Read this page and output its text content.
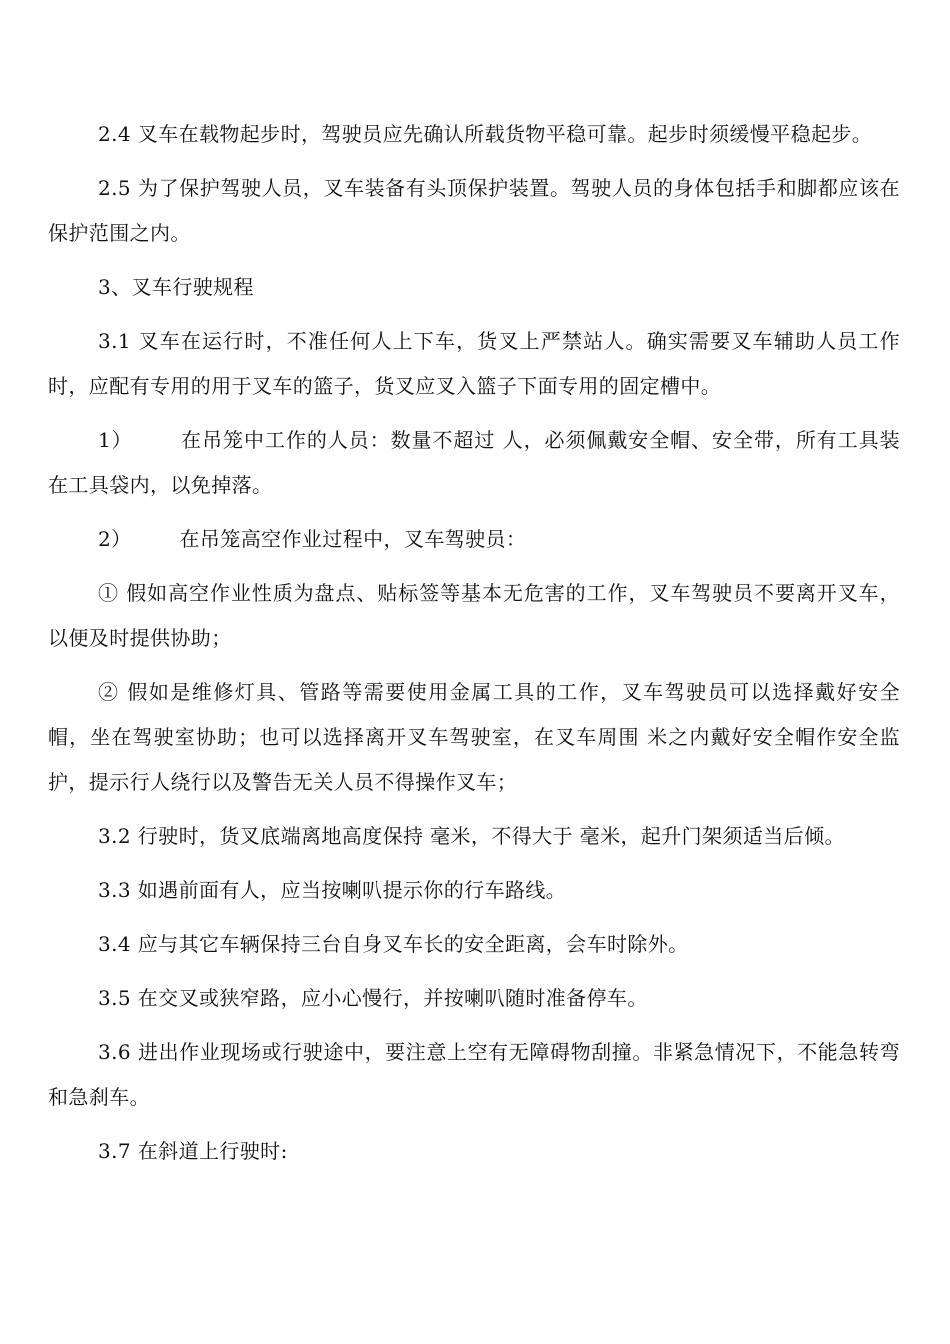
2.4 叉车在载物起步时，驾驶员应先确认所载货物平稳可靠。起步时须缓慢平稳起步。

2.5 为了保护驾驶人员，叉车装备有头顶保护装置。驾驶人员的身体包括手和脚都应该在保护范围之内。

3、叉车行驶规程

3.1 叉车在运行时，不准任何人上下车，货叉上严禁站人。确实需要叉车辅助人员工作时，应配有专用的用于叉车的篮子，货叉应叉入篮子下面专用的固定槽中。

1） 在吊笼中工作的人员：数量不超过 人，必须佩戴安全帽、安全带，所有工具装在工具袋内，以免掉落。

2） 在吊笼高空作业过程中，叉车驾驶员：

① 假如高空作业性质为盘点、贴标签等基本无危害的工作，叉车驾驶员不要离开叉车，以便及时提供协助；

② 假如是维修灯具、管路等需要使用金属工具的工作，叉车驾驶员可以选择戴好安全帽，坐在驾驶室协助；也可以选择离开叉车驾驶室，在叉车周围 米之内戴好安全帽作安全监护，提示行人绕行以及警告无关人员不得操作叉车；

3.2 行驶时，货叉底端离地高度保持 毫米，不得大于 毫米，起升门架须适当后倾。

3.3 如遇前面有人，应当按喇叭提示你的行车路线。

3.4 应与其它车辆保持三台自身叉车长的安全距离，会车时除外。

3.5 在交叉或狭窄路，应小心慢行，并按喇叭随时准备停车。

3.6 进出作业现场或行驶途中，要注意上空有无障碍物刮撞。非紧急情况下，不能急转弯和急刹车。

3.7 在斜道上行驶时:
